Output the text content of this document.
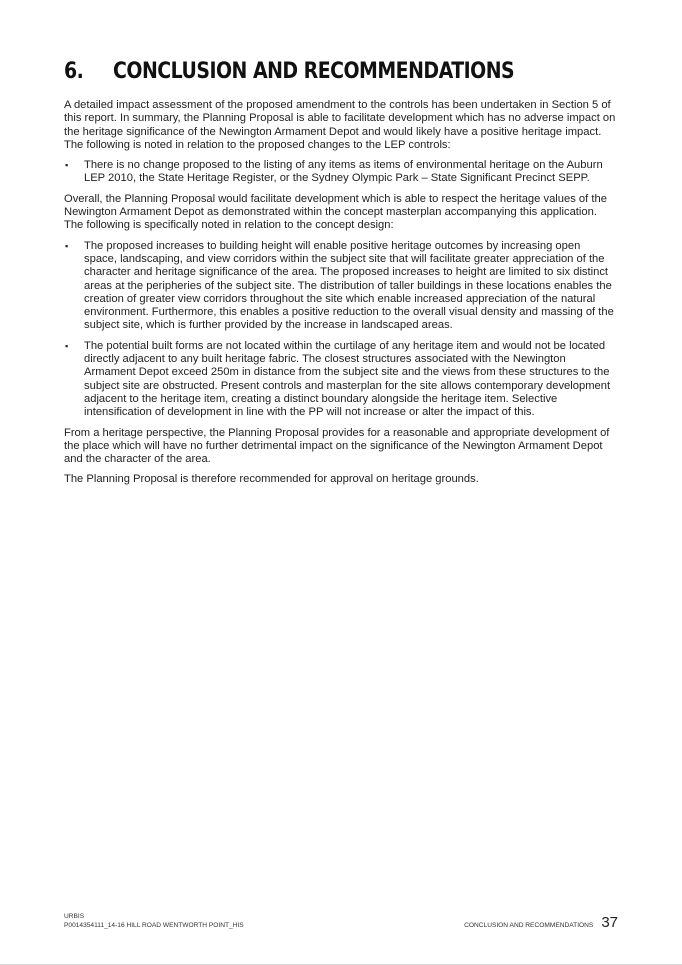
6.	CONCLUSION AND RECOMMENDATIONS

A detailed impact assessment of the proposed amendment to the controls has been undertaken in Section 5 of this report. In summary, the Planning Proposal is able to facilitate development which has no adverse impact on the heritage significance of the Newington Armament Depot and would likely have a positive heritage impact. The following is noted in relation to the proposed changes to the LEP controls:

▪ There is no change proposed to the listing of any items as items of environmental heritage on the Auburn LEP 2010, the State Heritage Register, or the Sydney Olympic Park – State Significant Precinct SEPP.

Overall, the Planning Proposal would facilitate development which is able to respect the heritage values of the Newington Armament Depot as demonstrated within the concept masterplan accompanying this application. The following is specifically noted in relation to the concept design:

▪ The proposed increases to building height will enable positive heritage outcomes by increasing open space, landscaping, and view corridors within the subject site that will facilitate greater appreciation of the character and heritage significance of the area. The proposed increases to height are limited to six distinct areas at the peripheries of the subject site. The distribution of taller buildings in these locations enables the creation of greater view corridors throughout the site which enable increased appreciation of the natural environment. Furthermore, this enables a positive reduction to the overall visual density and massing of the subject site, which is further provided by the increase in landscaped areas.
▪ The potential built forms are not located within the curtilage of any heritage item and would not be located directly adjacent to any built heritage fabric. The closest structures associated with the Newington Armament Depot exceed 250m in distance from the subject site and the views from these structures to the subject site are obstructed. Present controls and masterplan for the site allows contemporary development adjacent to the heritage item, creating a distinct boundary alongside the heritage item. Selective intensification of development in line with the PP will not increase or alter the impact of this.

From a heritage perspective, the Planning Proposal provides for a reasonable and appropriate development of the place which will have no further detrimental impact on the significance of the Newington Armament Depot and the character of the area.

The Planning Proposal is therefore recommended for approval on heritage grounds.

URBIS
P0014354111_14-16 HILL ROAD WENTWORTH POINT_HIS	CONCLUSION AND RECOMMENDATIONS 37
